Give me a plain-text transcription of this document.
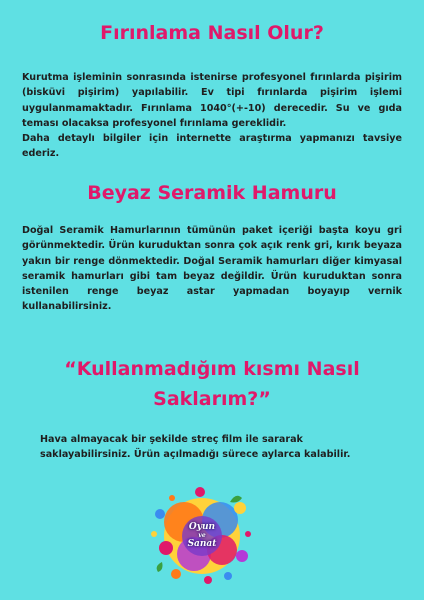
Fırınlama Nasıl Olur?

Kurutma işleminin sonrasında istenirse profesyonel fırınlarda pişirim (bisküvi pişirim) yapılabilir. Ev tipi fırınlarda pişirim işlemi uygulanmamaktadır. Fırınlama 1040°(+-10) derecedir. Su ve gıda teması olacaksa profesyonel fırınlama gereklidir.
Daha detaylı bilgiler için internette araştırma yapmanızı tavsiye ederiz.

Beyaz Seramik Hamuru

Doğal Seramik Hamurlarının tümünün paket içeriği başta koyu gri görünmektedir. Ürün kuruduktan sonra çok açık renk gri, kırık beyaza yakın bir renge dönmektedir. Doğal Seramik hamurları diğer kimyasal seramik hamurları gibi tam beyaz değildir. Ürün kuruduktan sonra istenilen renge beyaz astar yapmadan boyayıp vernik kullanabilirsiniz.

“Kullanmadığım kısmı Nasıl
Saklarım?”

Hava almayacak bir şekilde streç film ile sararak saklayabilirsiniz. Ürün açılmadığı sürece aylarca kalabilir.

Oyun
ve
Sanat
